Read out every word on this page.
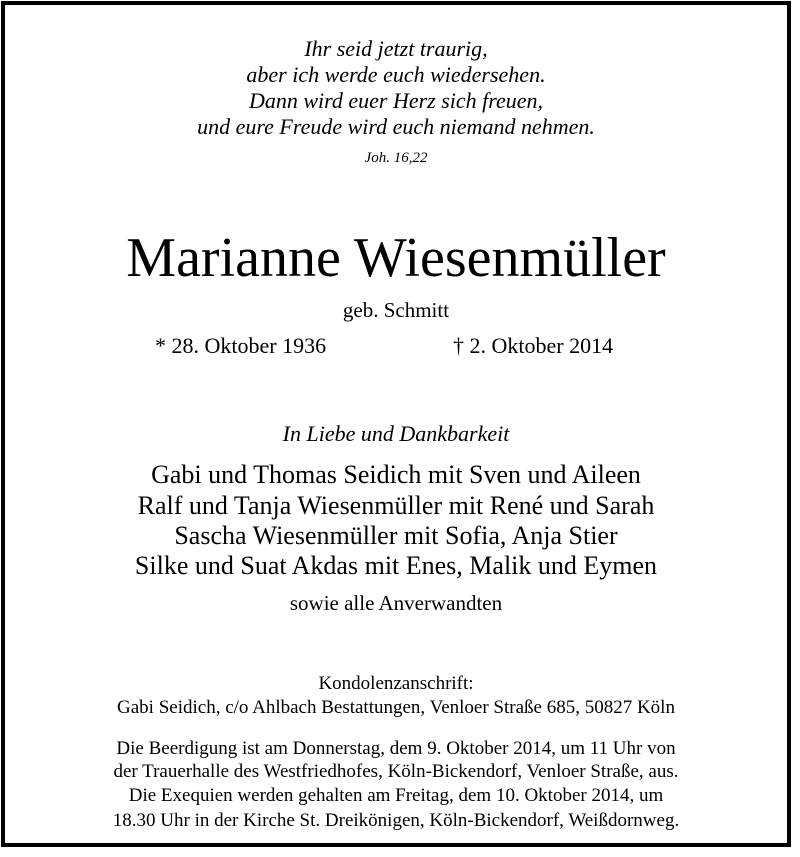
Ihr seid jetzt traurig,
aber ich werde euch wiedersehen.
Dann wird euer Herz sich freuen,
und eure Freude wird euch niemand nehmen.
Joh. 16,22
Marianne Wiesenmüller
geb. Schmitt
* 28. Oktober 1936	† 2. Oktober 2014
In Liebe und Dankbarkeit
Gabi und Thomas Seidich mit Sven und Aileen
Ralf und Tanja Wiesenmüller mit René und Sarah
Sascha Wiesenmüller mit Sofia, Anja Stier
Silke und Suat Akdas mit Enes, Malik und Eymen
sowie alle Anverwandten
Kondolenzanschrift:
Gabi Seidich, c/o Ahlbach Bestattungen, Venloer Straße 685, 50827 Köln
Die Beerdigung ist am Donnerstag, dem 9. Oktober 2014, um 11 Uhr von
der Trauerhalle des Westfriedhofes, Köln-Bickendorf, Venloer Straße, aus.
Die Exequien werden gehalten am Freitag, dem 10. Oktober 2014, um
18.30 Uhr in der Kirche St. Dreikönigen, Köln-Bickendorf, Weißdornweg.
